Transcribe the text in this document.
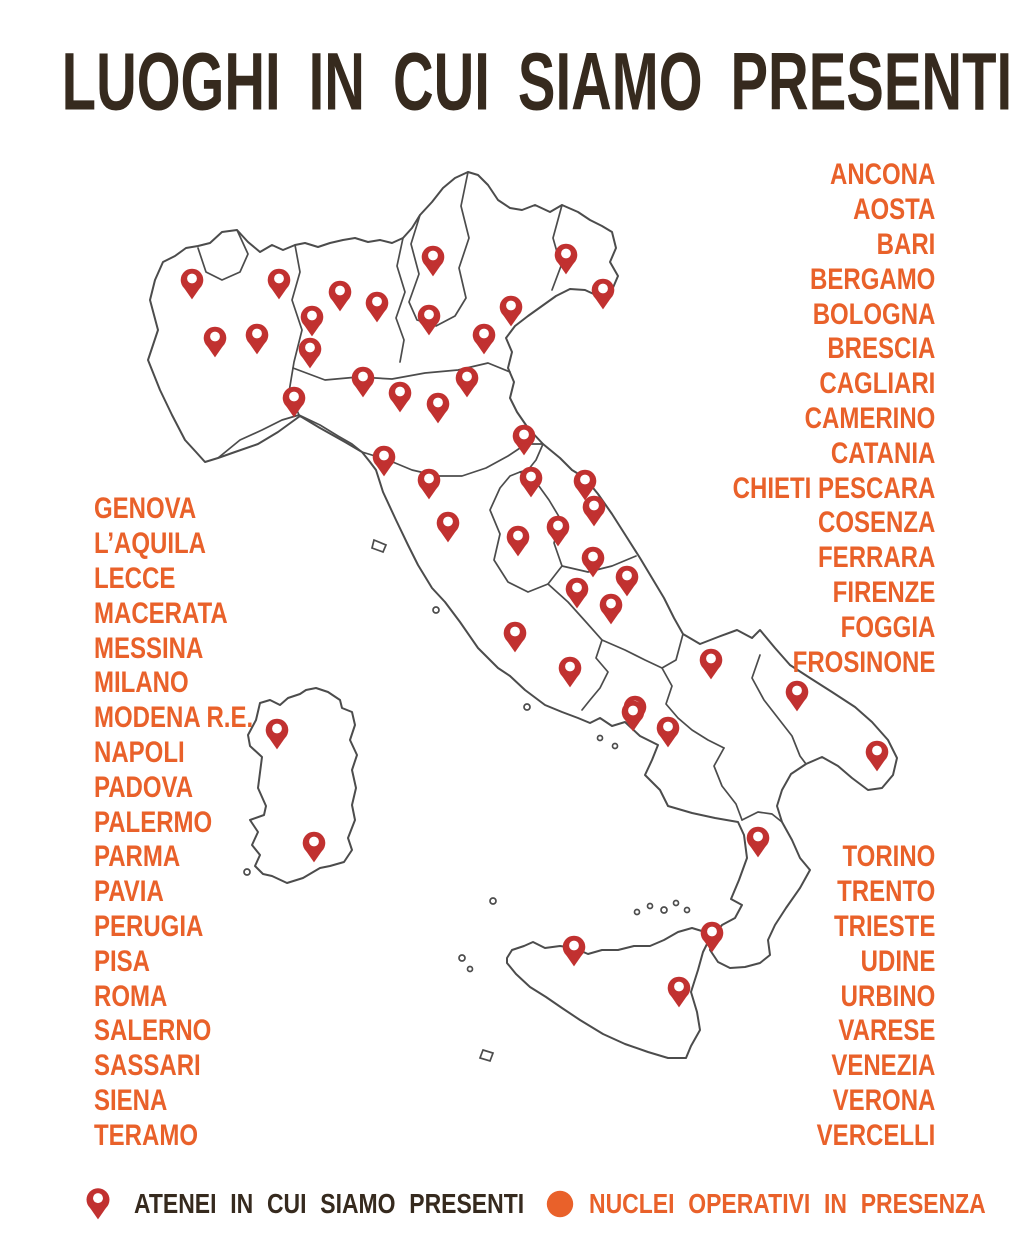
LUOGHI IN CUI SIAMO PRESENTI
GENOVA
L’AQUILA
LECCE
MACERATA
MESSINA
MILANO
MODENA R.E.
NAPOLI
PADOVA
PALERMO
PARMA
PAVIA
PERUGIA
PISA
ROMA
SALERNO
SASSARI
SIENA
TERAMO
ANCONA
AOSTA
BARI
BERGAMO
BOLOGNA
BRESCIA
CAGLIARI
CAMERINO
CATANIA
CHIETI PESCARA
COSENZA
FERRARA
FIRENZE
FOGGIA
FROSINONE
TORINO
TRENTO
TRIESTE
UDINE
URBINO
VARESE
VENEZIA
VERONA
VERCELLI
ATENEI IN CUI SIAMO PRESENTI NUCLEI OPERATIVI IN PRESENZA
